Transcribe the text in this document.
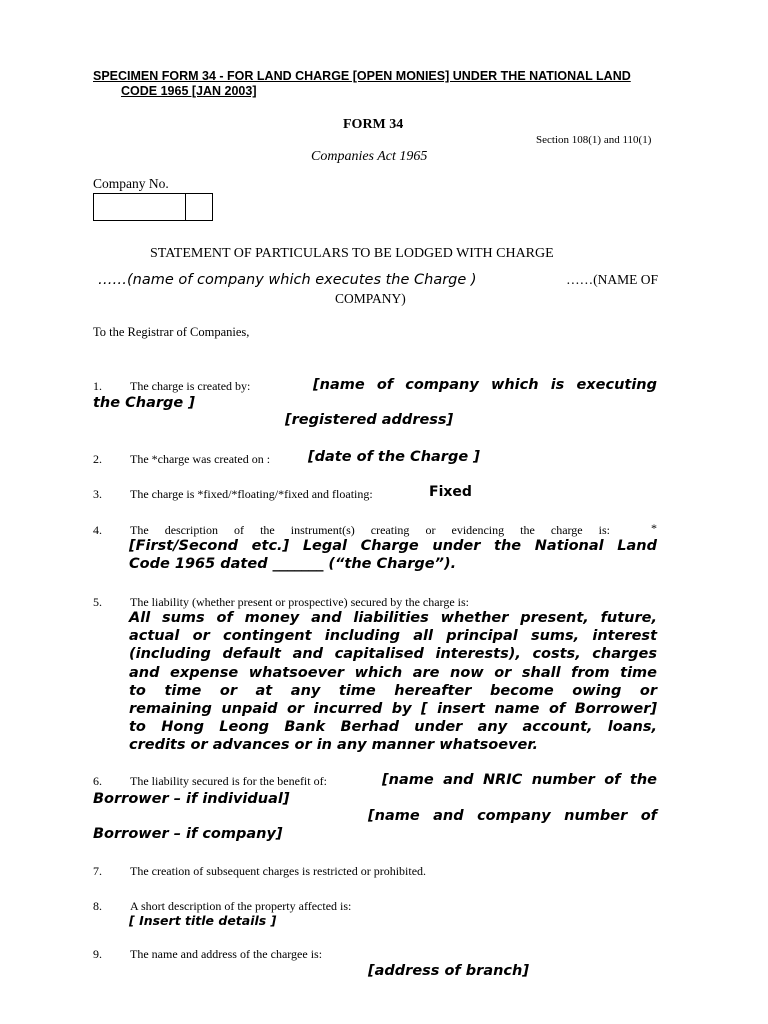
SPECIMEN FORM 34 - FOR LAND CHARGE [OPEN MONIES] UNDER THE NATIONAL LAND
CODE 1965 [JAN 2003]
FORM 34
Section 108(1) and 110(1)
Companies Act 1965
Company No.
STATEMENT OF PARTICULARS TO BE LODGED WITH CHARGE
……(name of company which executes the Charge )	……(NAME OF
COMPANY)
To the Registrar of Companies,
1. The charge is created by:	[name of company which is executing
the Charge ]
[registered address]
2. The *charge was created on :	[date of the Charge ]
3. The charge is *fixed/*floating/*fixed and floating:	Fixed
4. The description of the instrument(s) creating or evidencing the charge is:	*
[First/Second etc.] Legal Charge under the National Land
Code 1965 dated _______ (“the Charge”).
5. The liability (whether present or prospective) secured by the charge is:
All sums of money and liabilities whether present, future,
actual or contingent including all principal sums, interest
(including default and capitalised interests), costs, charges
and expense whatsoever which are now or shall from time
to time or at any time hereafter become owing or
remaining unpaid or incurred by [ insert name of Borrower]
to Hong Leong Bank Berhad under any account, loans,
credits or advances or in any manner whatsoever.
6. The liability secured is for the benefit of:	[name and NRIC number of the
Borrower – if individual]
[name and company number of
Borrower – if company]
7. The creation of subsequent charges is restricted or prohibited.
8. A short description of the property affected is:
[ Insert title details ]
9. The name and address of the chargee is:
[address of branch]
